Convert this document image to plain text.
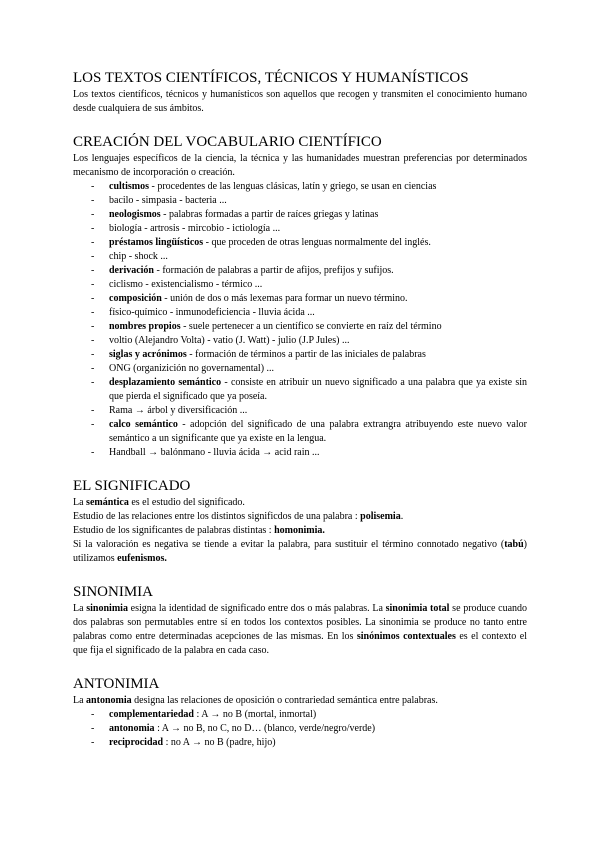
LOS TEXTOS CIENTÍFICOS, TÉCNICOS Y HUMANÍSTICOS

Los textos científicos, técnicos y humanísticos son aquellos que recogen y transmiten el conocimiento humano desde cualquiera de sus ámbitos.

CREACIÓN DEL VOCABULARIO CIENTÍFICO

Los lenguajes específicos de la ciencia, la técnica y las humanidades muestran preferencias por determinados mecanismo de incorporación o creación.

- cultismos - procedentes de las lenguas clásicas, latín y griego, se usan en ciencias
- bacilo - simpasia - bacteria ...
- neologismos - palabras formadas a partir de raíces griegas y latinas
- biología - artrosis - mircobio - ictiología ...
- préstamos lingüísticos - que proceden de otras lenguas normalmente del inglés.
- chip - shock ...
- derivación - formación de palabras a partir de afijos, prefijos y sufijos.
- ciclismo - existencialismo - térmico ...
- composición - unión de dos o más lexemas para formar un nuevo término.
- físico-químico - inmunodeficiencia - lluvia ácida ...
- nombres propios - suele pertenecer a un científico se convierte en raíz del término
- voltio (Alejandro Volta) - vatio (J. Watt) - julio (J.P Jules) ...
- siglas y acrónimos - formación de términos a partir de las iniciales de palabras
- ONG (organizición no governamental) ...
- desplazamiento semántico - consiste en atribuir un nuevo significado a una palabra que ya existe sin que pierda el significado que ya poseía.
- Rama → árbol y diversificación ...
- calco semántico - adopción del significado de una palabra extrangra atribuyendo este nuevo valor semántico a un significante que ya existe en la lengua.
- Handball → balónmano - lluvia ácida → acid rain ...
EL SIGNIFICADO

La semántica es el estudio del significado.

Estudio de las relaciones entre los distintos significdos de una palabra : polisemia.

Estudio de los significantes de palabras distintas : homonimia.

Si la valoración es negativa se tiende a evitar la palabra, para sustituir el término connotado negativo (tabú) utilizamos eufenismos.

SINONIMIA

La sinonimia esigna la identidad de significado entre dos o más palabras. La sinonimia total se produce cuando dos palabras son permutables entre sí en todos los contextos posibles. La sinonimia se produce no tanto entre palabras como entre determinadas acepciones de las mismas. En los sinónimos contextuales es el contexto el que fija el significado de la palabra en cada caso.

ANTONIMIA

La antonomia designa las relaciones de oposición o contrariedad semántica entre palabras.

- complementariedad : A → no B (mortal, inmortal)
- antonomia : A → no B, no C, no D… (blanco, verde/negro/verde)
- reciprocidad : no A → no B (padre, hijo)
